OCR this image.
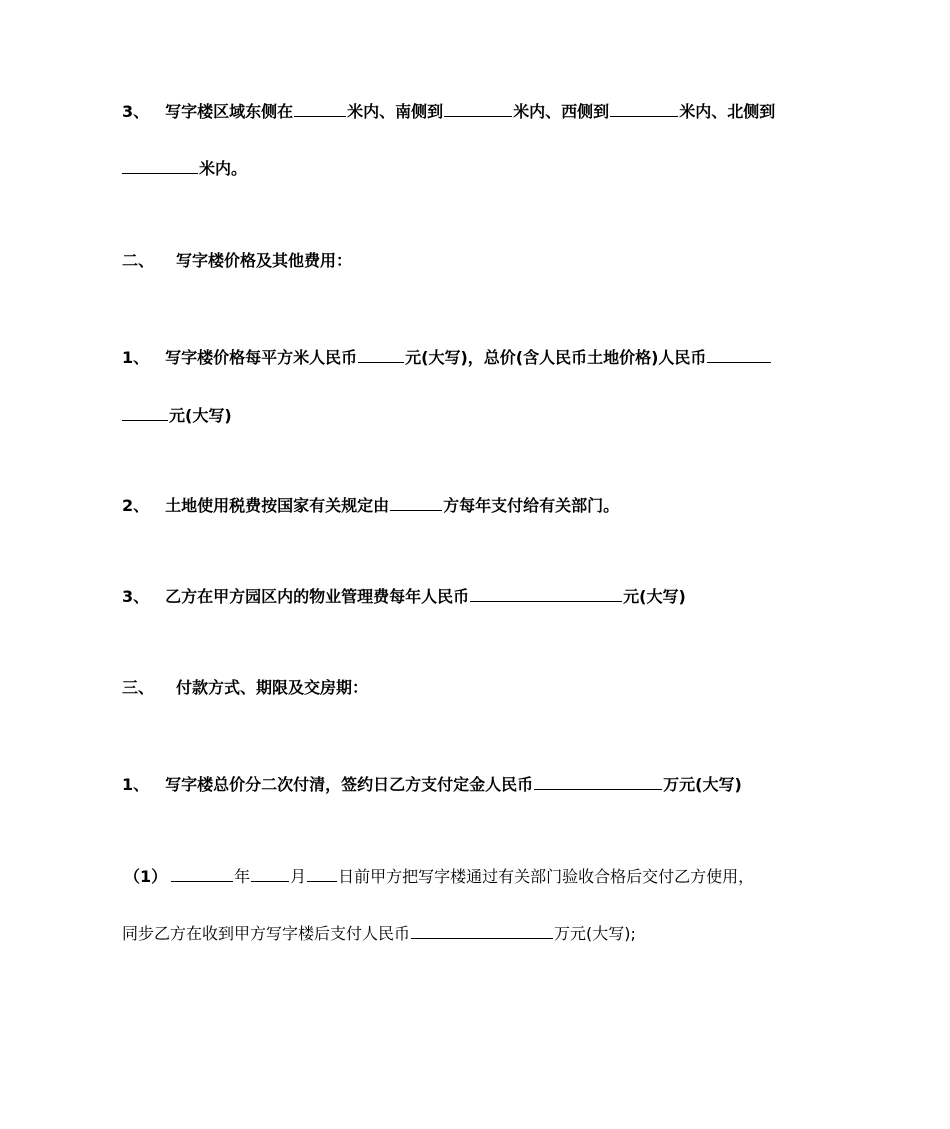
3、 写字楼区域东侧在	米内、南侧到	米内、西侧到	米内、北侧到
米内。
二、 写字楼价格及其他费用：
1、 写字楼价格每平方米人民币	元(大写)，总价(含人民币土地价格)人民币
元(大写)
2、 土地使用税费按国家有关规定由	方每年支付给有关部门。
3、 乙方在甲方园区内的物业管理费每年人民币	元(大写)
三、 付款方式、期限及交房期：
1、 写字楼总价分二次付清，签约日乙方支付定金人民币	万元(大写)
（1）	年	月 日前甲方把写字楼通过有关部门验收合格后交付乙方使用，
同步乙方在收到甲方写字楼后支付人民币	万元(大写);
